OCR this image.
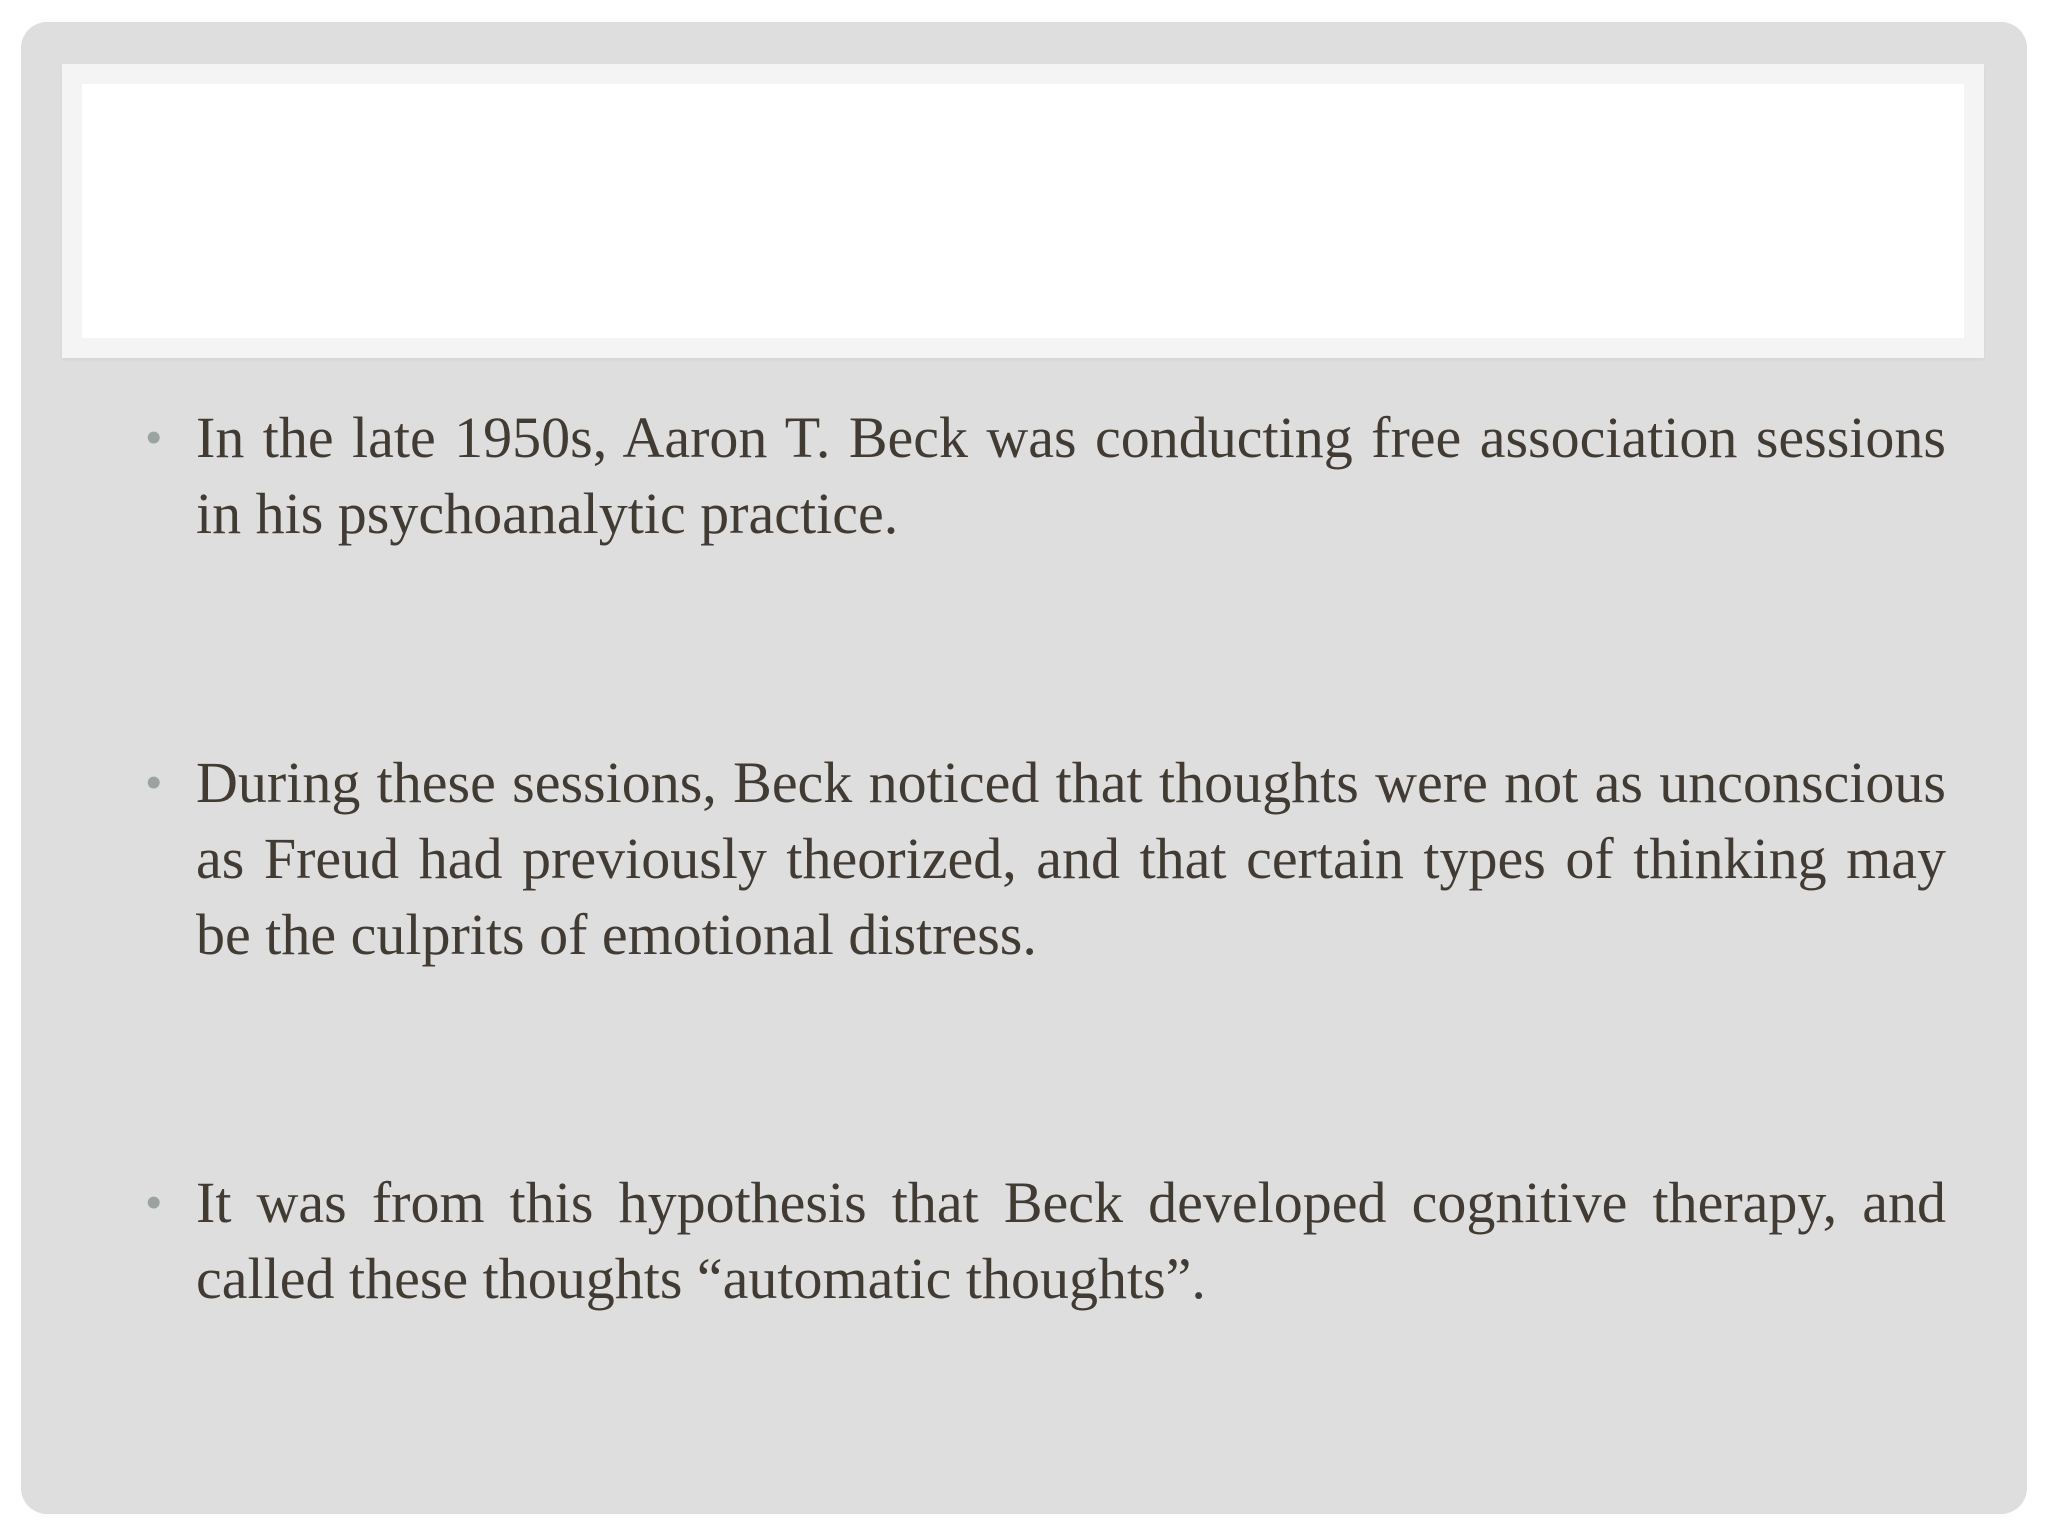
• In the late 1950s, Aaron T. Beck was conducting free association sessions in his psychoanalytic practice.
• During these sessions, Beck noticed that thoughts were not as unconscious as Freud had previously theorized, and that certain types of thinking may be the culprits of emotional distress.
• It was from this hypothesis that Beck developed cognitive therapy, and called these thoughts “automatic thoughts”.
